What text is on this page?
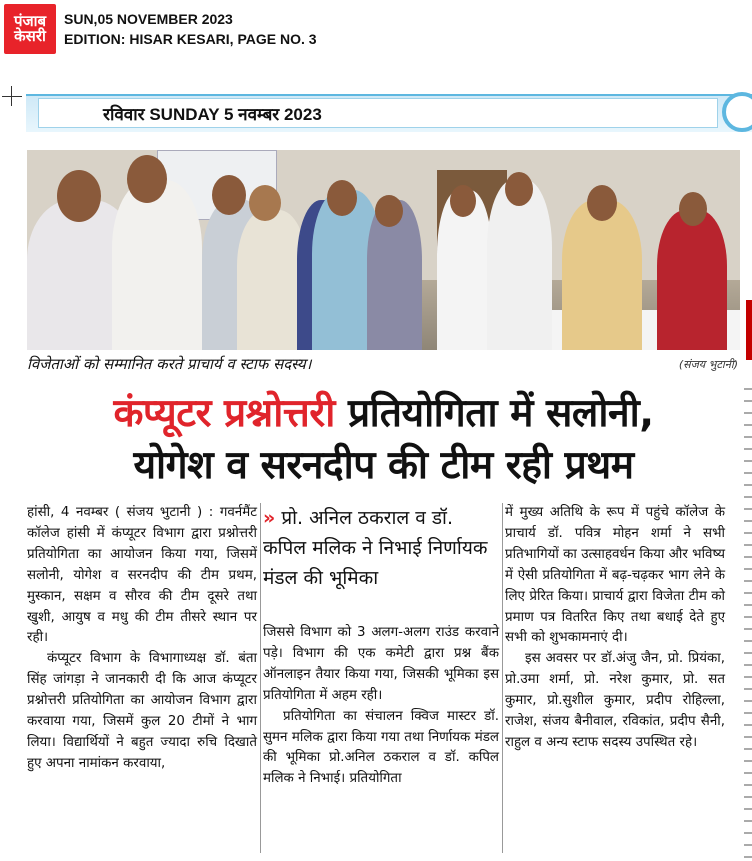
पंजाब
केसरी
SUN,05 NOVEMBER 2023
EDITION: HISAR KESARI, PAGE NO. 3
रविवार SUNDAY 5 नवम्बर 2023
विजेताओं को सम्मानित करते प्राचार्य व स्टाफ सदस्य।	(संजय भुटानी)
कंप्यूटर प्रश्नोत्तरी प्रतियोगिता में सलोनी,
योगेश व सरनदीप की टीम रही प्रथम

हांसी, 4 नवम्बर ( संजय भुटानी ) : गवर्नमैंट कॉलेज हांसी में कंप्यूटर विभाग द्वारा प्रश्नोत्तरी प्रतियोगिता का आयोजन किया गया, जिसमें सलोनी, योगेश व सरनदीप की टीम प्रथम, मुस्कान, सक्षम व सौरव की टीम दूसरे तथा खुशी, आयुष व मधु की टीम तीसरे स्थान पर रही।

कंप्यूटर विभाग के विभागाध्यक्ष डॉ. बंता सिंह जांगड़ा ने जानकारी दी कि आज कंप्यूटर प्रश्नोत्तरी प्रतियोगिता का आयोजन विभाग द्वारा करवाया गया, जिसमें कुल 20 टीमों ने भाग लिया। विद्यार्थियों ने बहुत ज्यादा रुचि दिखाते हुए अपना नामांकन करवाया,

» प्रो. अनिल ठकराल व डॉ. कपिल मलिक ने निभाई निर्णायक मंडल की भूमिका

जिससे विभाग को 3 अलग-अलग राउंड करवाने पड़े। विभाग की एक कमेटी द्वारा प्रश्न बैंक ऑनलाइन तैयार किया गया, जिसकी भूमिका इस प्रतियोगिता में अहम रही।

प्रतियोगिता का संचालन क्विज मास्टर डॉ. सुमन मलिक द्वारा किया गया तथा निर्णायक मंडल की भूमिका प्रो.अनिल ठकराल व डॉ. कपिल मलिक ने निभाई। प्रतियोगिता

में मुख्य अतिथि के रूप में पहुंचे कॉलेज के प्राचार्य डॉ. पवित्र मोहन शर्मा ने सभी प्रतिभागियों का उत्साहवर्धन किया और भविष्य में ऐसी प्रतियोगिता में बढ़-चढ़कर भाग लेने के लिए प्रेरित किया। प्राचार्य द्वारा विजेता टीम को प्रमाण पत्र वितरित किए तथा बधाई देते हुए सभी को शुभकामनाएं दी।

इस अवसर पर डॉ.अंजु जैन, प्रो. प्रियंका, प्रो.उमा शर्मा, प्रो. नरेश कुमार, प्रो. सत कुमार, प्रो.सुशील कुमार, प्रदीप रोहिल्ला, राजेश, संजय बैनीवाल, रविकांत, प्रदीप सैनी, राहुल व अन्य स्टाफ सदस्य उपस्थित रहे।
